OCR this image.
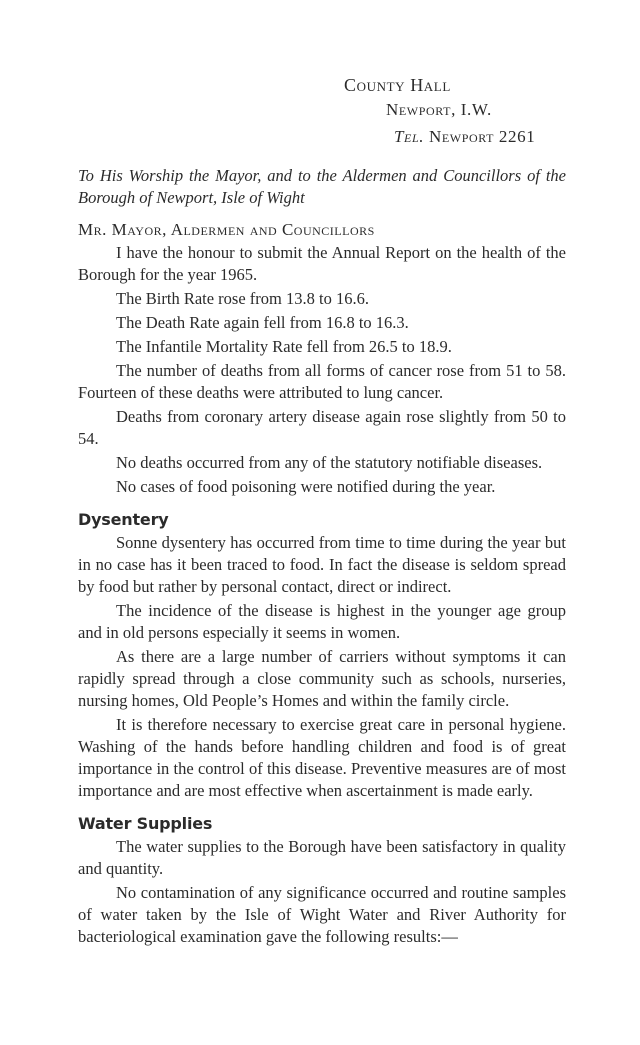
County Hall
Newport, I.W.
Tel. Newport 2261

To His Worship the Mayor, and to the Aldermen and Councillors of the Borough of Newport, Isle of Wight

Mr. Mayor, Aldermen and Councillors

I have the honour to submit the Annual Report on the health of the Borough for the year 1965.

The Birth Rate rose from 13.8 to 16.6.

The Death Rate again fell from 16.8 to 16.3.

The Infantile Mortality Rate fell from 26.5 to 18.9.

The number of deaths from all forms of cancer rose from 51 to 58. Fourteen of these deaths were attributed to lung cancer.

Deaths from coronary artery disease again rose slightly from 50 to 54.

No deaths occurred from any of the statutory notifiable diseases.

No cases of food poisoning were notified during the year.

Dysentery

Sonne dysentery has occurred from time to time during the year but in no case has it been traced to food. In fact the disease is seldom spread by food but rather by personal contact, direct or indirect.

The incidence of the disease is highest in the younger age group and in old persons especially it seems in women.

As there are a large number of carriers without symptoms it can rapidly spread through a close community such as schools, nurseries, nursing homes, Old People’s Homes and within the family circle.

It is therefore necessary to exercise great care in personal hygiene. Washing of the hands before handling children and food is of great importance in the control of this disease. Preventive measures are of most importance and are most effective when ascertainment is made early.

Water Supplies

The water supplies to the Borough have been satisfactory in quality and quantity.

No contamination of any significance occurred and routine samples of water taken by the Isle of Wight Water and River Authority for bacteriological examination gave the following results:—
